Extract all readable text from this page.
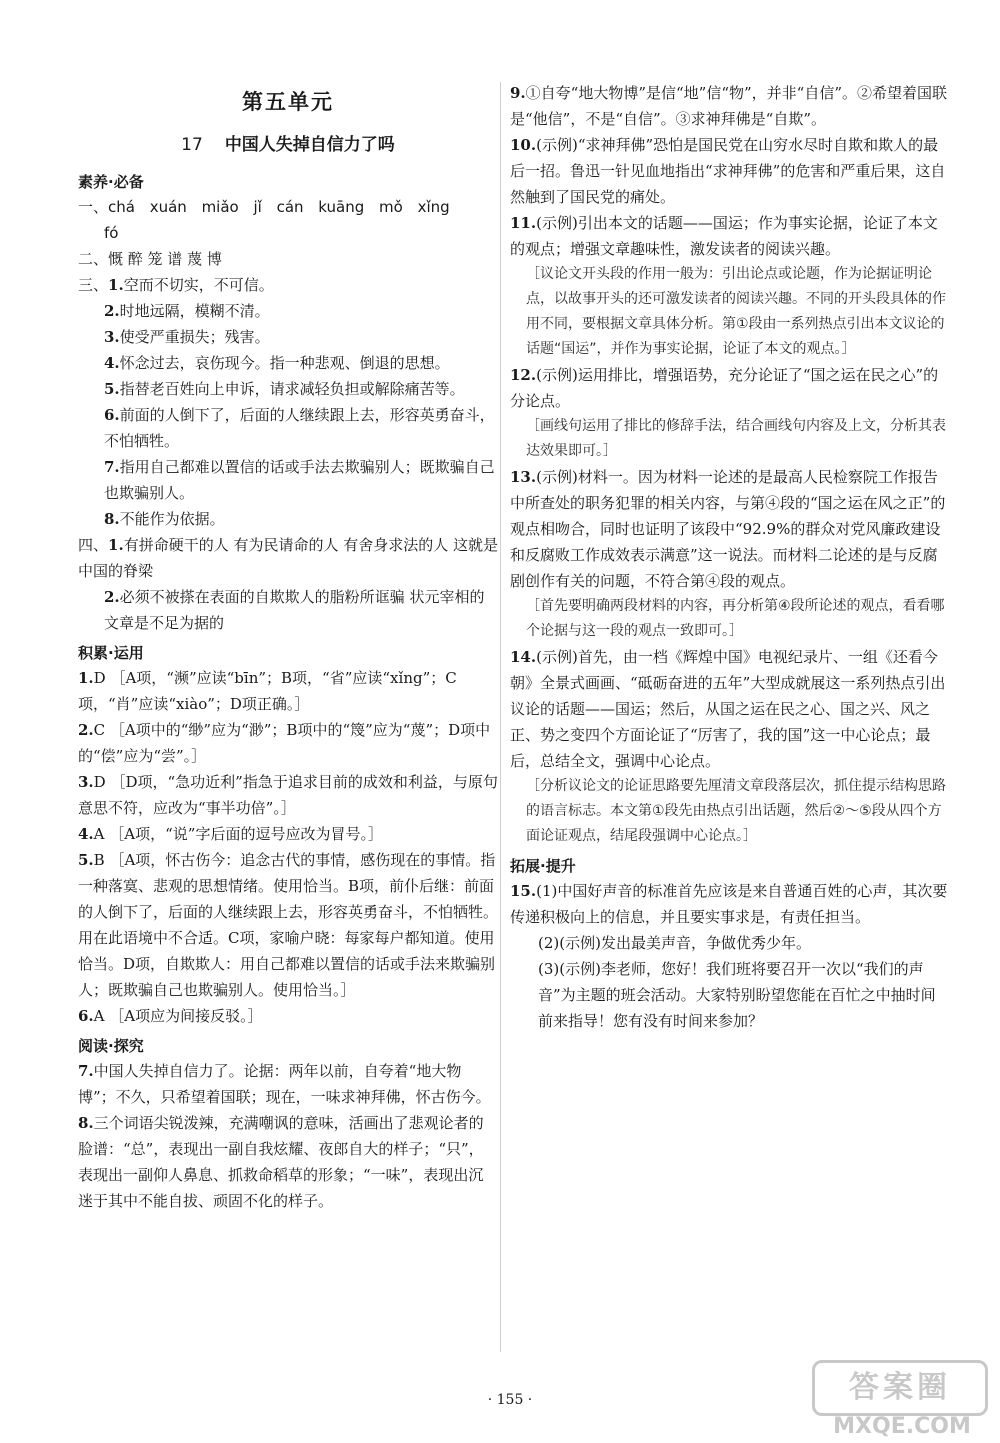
第五单元
17 中国人失掉自信力了吗
素养·必备
一、chá xuán miǎo jǐ cán kuāng mǒ xǐng
fó
二、慨 醉 笼 谱 蔑 博
三、1.空而不切实，不可信。
2.时地远隔，模糊不清。
3.使受严重损失；残害。
4.怀念过去，哀伤现今。指一种悲观、倒退的思想。
5.指替老百姓向上申诉，请求减轻负担或解除痛苦等。
6.前面的人倒下了，后面的人继续跟上去，形容英勇奋斗，不怕牺牲。
7.指用自己都难以置信的话或手法去欺骗别人；既欺骗自己也欺骗别人。
8.不能作为依据。
四、1.有拼命硬干的人 有为民请命的人 有舍身求法的人 这就是中国的脊梁
2.必须不被搽在表面的自欺欺人的脂粉所诓骗 状元宰相的文章是不足为据的
积累·运用
1.D ［A项，“濒”应读“bīn”；B项，“省”应读“xǐng”；C项，“肖”应读“xiào”；D项正确。］
2.C ［A项中的“缈”应为“渺”；B项中的“篾”应为“蔑”；D项中的“偿”应为“尝”。］
3.D ［D项，“急功近利”指急于追求目前的成效和利益，与原句意思不符，应改为“事半功倍”。］
4.A ［A项，“说”字后面的逗号应改为冒号。］
5.B ［A项，怀古伤今：追念古代的事情，感伤现在的事情。指一种落寞、悲观的思想情绪。使用恰当。B项，前仆后继：前面的人倒下了，后面的人继续跟上去，形容英勇奋斗，不怕牺牲。用在此语境中不合适。C项，家喻户晓：每家每户都知道。使用恰当。D项，自欺欺人：用自己都难以置信的话或手法来欺骗别人；既欺骗自己也欺骗别人。使用恰当。］
6.A ［A项应为间接反驳。］
阅读·探究
7.中国人失掉自信力了。论据：两年以前，自夸着“地大物博”；不久，只希望着国联；现在，一味求神拜佛，怀古伤今。
8.三个词语尖锐泼辣，充满嘲讽的意味，活画出了悲观论者的脸谱：“总”，表现出一副自我炫耀、夜郎自大的样子；“只”，表现出一副仰人鼻息、抓救命稻草的形象；“一味”，表现出沉迷于其中不能自拔、顽固不化的样子。
9.①自夸“地大物博”是信“地”信“物”，并非“自信”。②希望着国联是“他信”，不是“自信”。③求神拜佛是“自欺”。
10.(示例)“求神拜佛”恐怕是国民党在山穷水尽时自欺和欺人的最后一招。鲁迅一针见血地指出“求神拜佛”的危害和严重后果，这自然触到了国民党的痛处。
11.(示例)引出本文的话题——国运；作为事实论据，论证了本文的观点；增强文章趣味性，激发读者的阅读兴趣。
［议论文开头段的作用一般为：引出论点或论题，作为论据证明论点，以故事开头的还可激发读者的阅读兴趣。不同的开头段具体的作用不同，要根据文章具体分析。第①段由一系列热点引出本文议论的话题“国运”，并作为事实论据，论证了本文的观点。］
12.(示例)运用排比，增强语势，充分论证了“国之运在民之心”的分论点。
［画线句运用了排比的修辞手法，结合画线句内容及上文，分析其表达效果即可。］
13.(示例)材料一。因为材料一论述的是最高人民检察院工作报告中所查处的职务犯罪的相关内容，与第④段的“国之运在风之正”的观点相吻合，同时也证明了该段中“92.9%的群众对党风廉政建设和反腐败工作成效表示满意”这一说法。而材料二论述的是与反腐剧创作有关的问题，不符合第④段的观点。
［首先要明确两段材料的内容，再分析第④段所论述的观点，看看哪个论据与这一段的观点一致即可。］
14.(示例)首先，由一档《辉煌中国》电视纪录片、一组《还看今朝》全景式画画、“砥砺奋进的五年”大型成就展这一系列热点引出议论的话题——国运；然后，从国之运在民之心、国之兴、风之正、势之变四个方面论证了“厉害了，我的国”这一中心论点；最后，总结全文，强调中心论点。
［分析议论文的论证思路要先厘清文章段落层次，抓住提示结构思路的语言标志。本文第①段先由热点引出话题，然后②～⑤段从四个方面论证观点，结尾段强调中心论点。］
拓展·提升
15.(1)中国好声音的标准首先应该是来自普通百姓的心声，其次要传递积极向上的信息，并且要实事求是，有责任担当。
(2)(示例)发出最美声音，争做优秀少年。
(3)(示例)李老师，您好！我们班将要召开一次以“我们的声音”为主题的班会活动。大家特别盼望您能在百忙之中抽时间前来指导！您有没有时间来参加？
· 155 ·	答案圈
MXQE.COM
